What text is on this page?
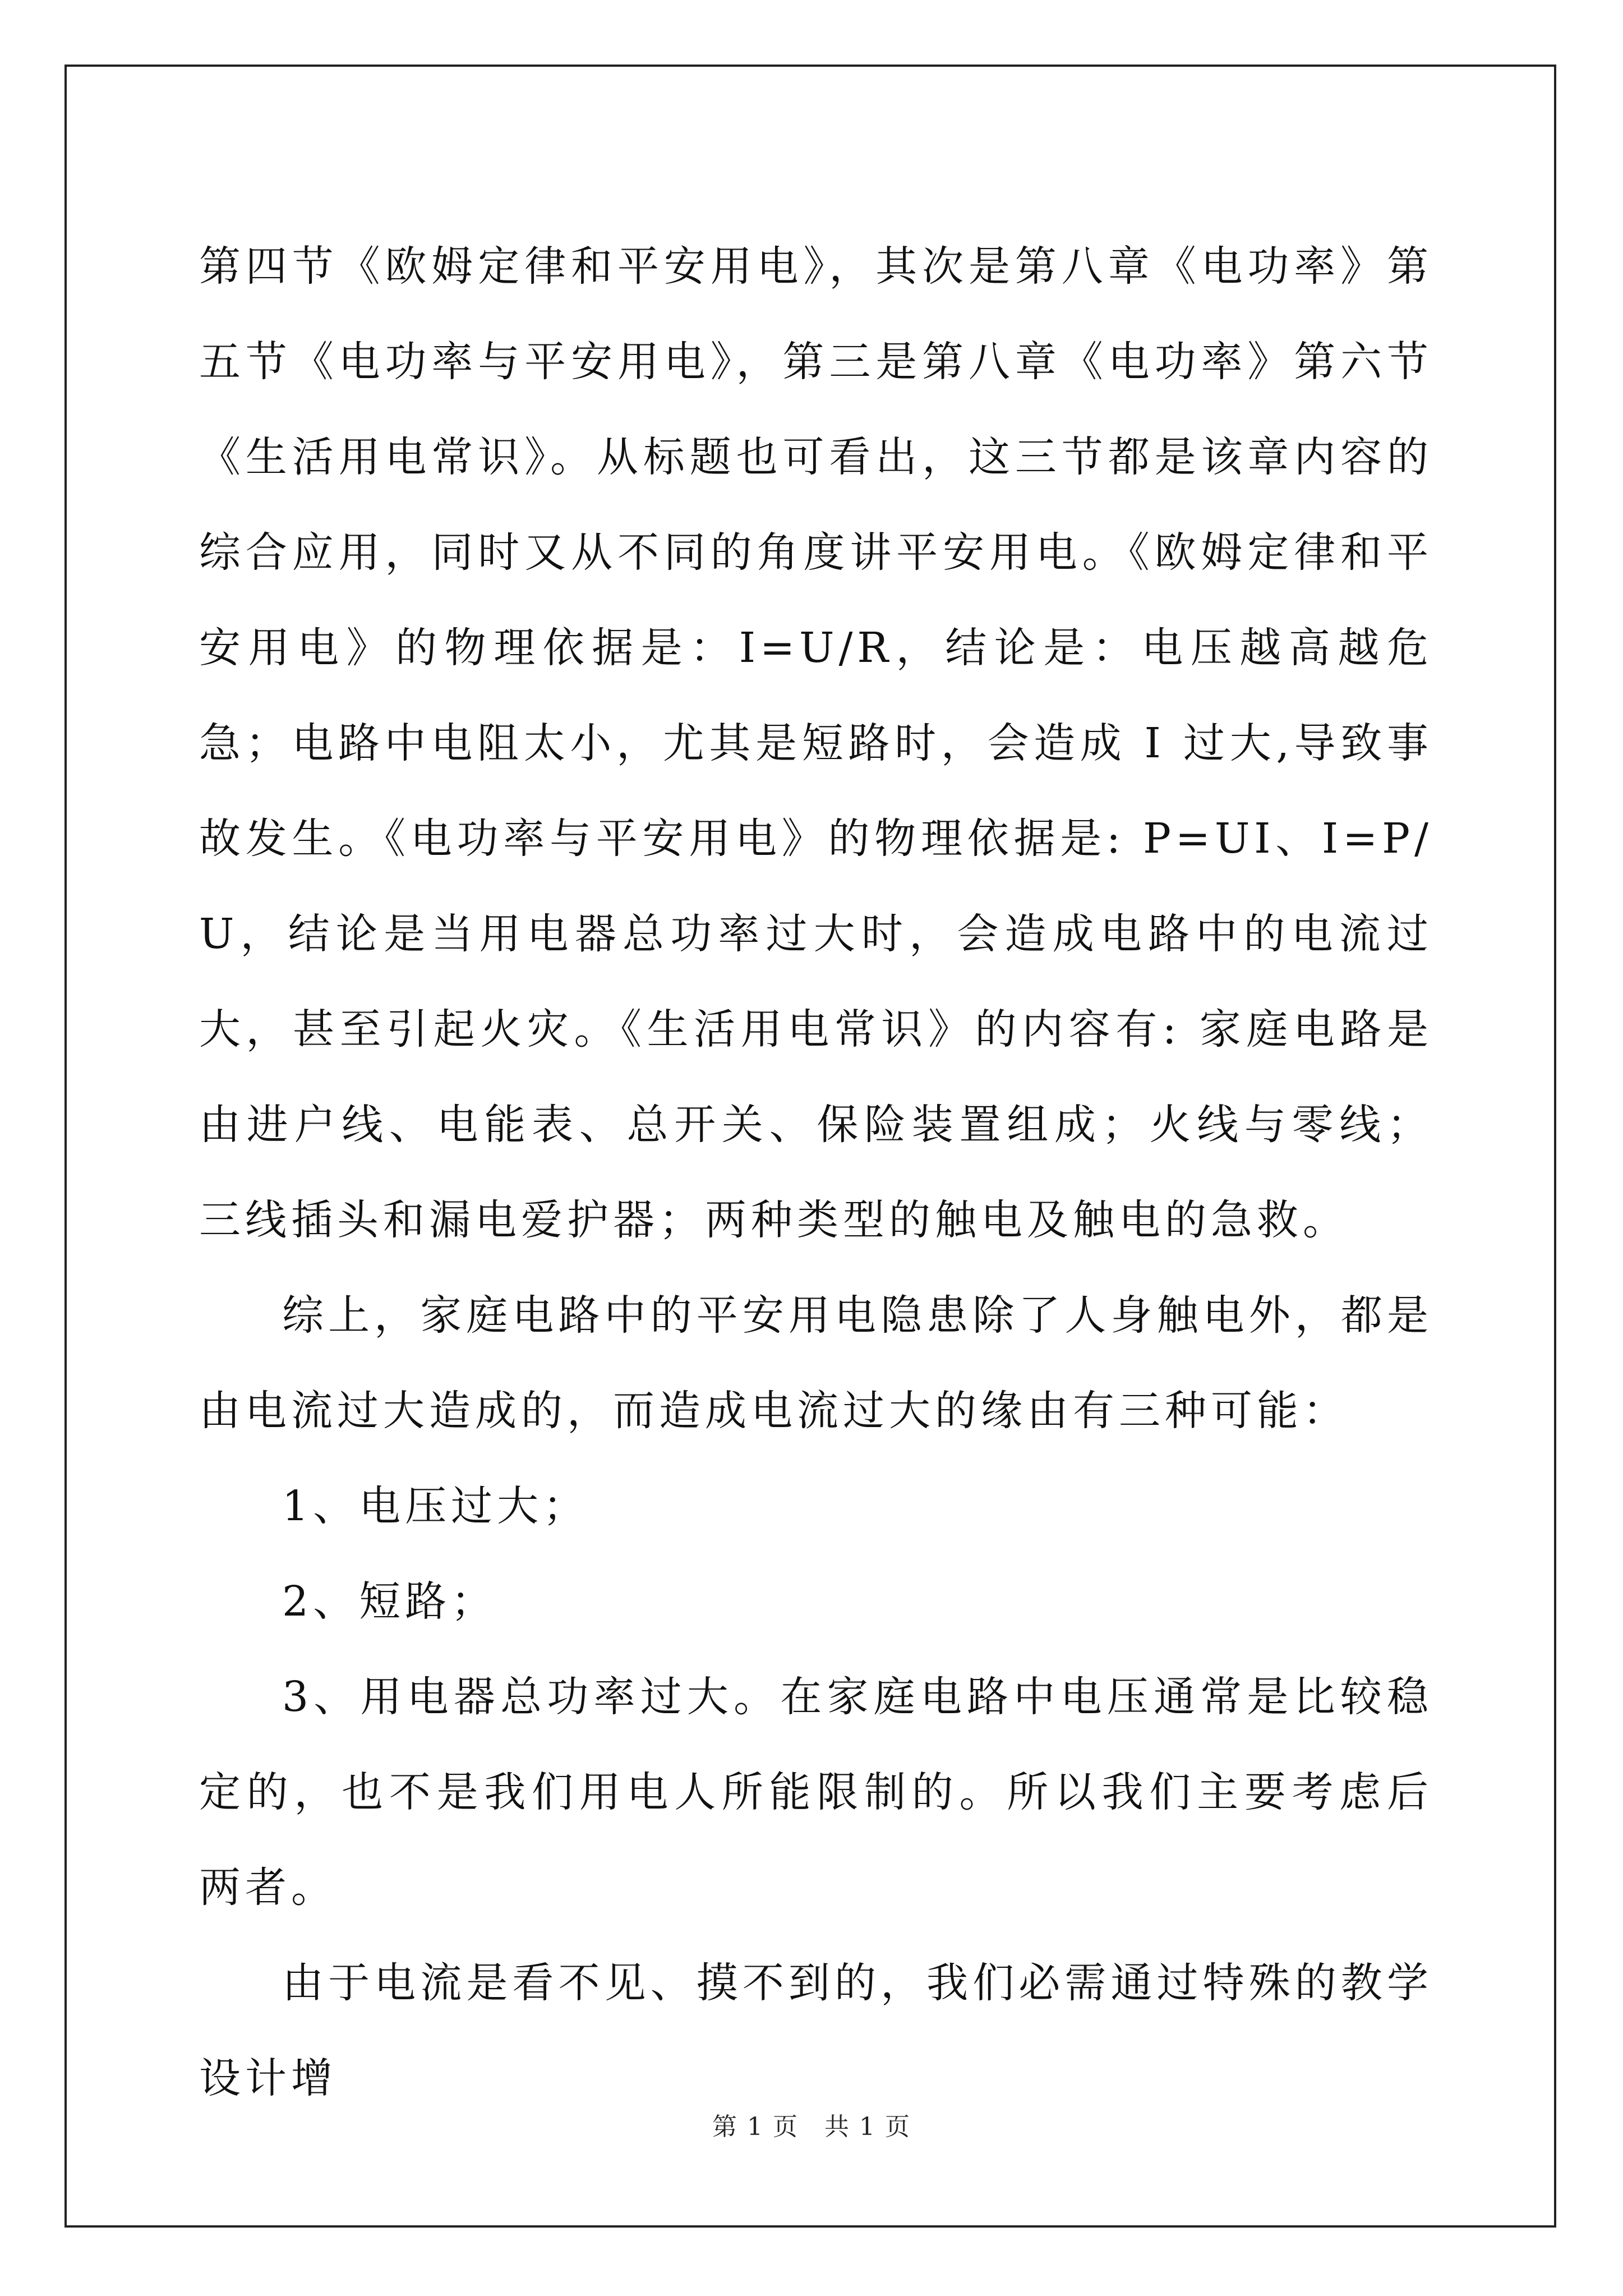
第四节《欧姆定律和平安用电》，其次是第八章《电功率》第五节《电功率与平安用电》，第三是第八章《电功率》第六节《生活用电常识》。从标题也可看出，这三节都是该章内容的综合应用，同时又从不同的角度讲平安用电。《欧姆定律和平安用电》的物理依据是：I=U/R，结论是：电压越高越危急；电路中电阻太小，尤其是短路时，会造成 I 过大,导致事故发生。《电功率与平安用电》的物理依据是: P=UI、I=P/U，结论是当用电器总功率过大时，会造成电路中的电流过大，甚至引起火灾。《生活用电常识》的内容有: 家庭电路是由进户线、电能表、总开关、保险装置组成；火线与零线；三线插头和漏电爱护器；两种类型的触电及触电的急救。

综上，家庭电路中的平安用电隐患除了人身触电外，都是由电流过大造成的，而造成电流过大的缘由有三种可能：

1、电压过大；

2、短路；

3、用电器总功率过大。在家庭电路中电压通常是比较稳定的，也不是我们用电人所能限制的。所以我们主要考虑后两者。

由于电流是看不见、摸不到的，我们必需通过特殊的教学设计增

第 1 页　共 1 页
